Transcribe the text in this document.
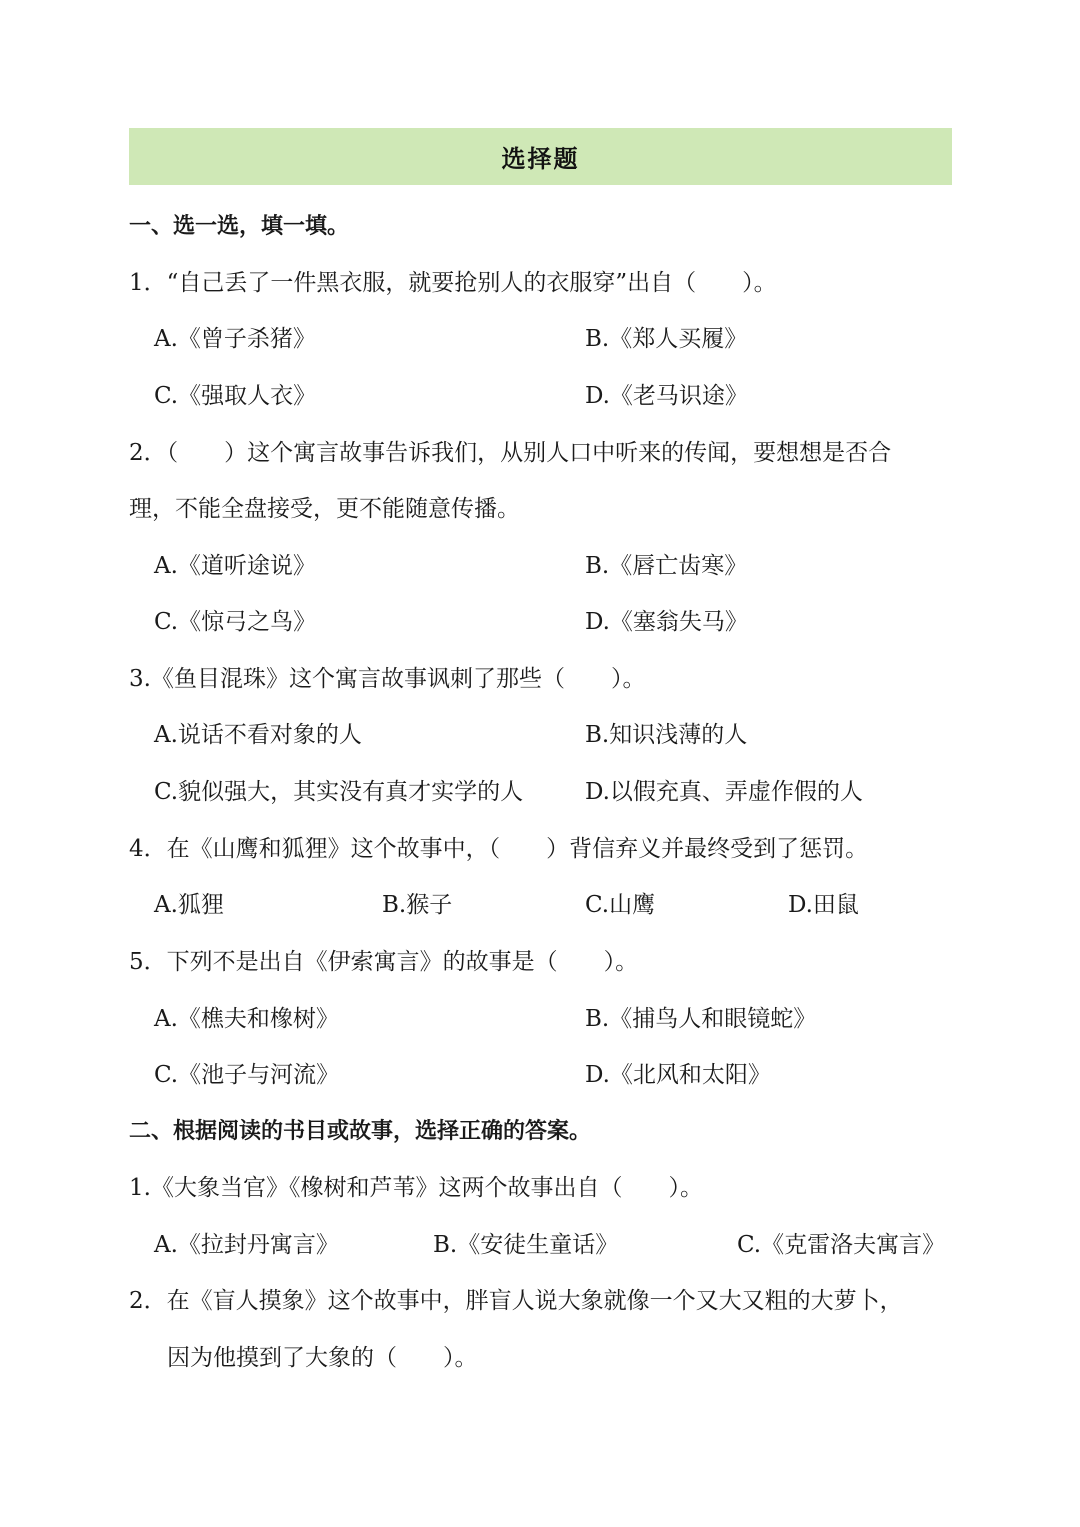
选择题
一、选一选，填一填。
1．“自己丢了一件黑衣服，就要抢别人的衣服穿”出自（　　）。
A.《曾子杀猪》	B.《郑人买履》
C.《强取人衣》	D.《老马识途》
2．（　　）这个寓言故事告诉我们，从别人口中听来的传闻，要想想是否合
理，不能全盘接受，更不能随意传播。
A.《道听途说》	B.《唇亡齿寒》
C.《惊弓之鸟》	D.《塞翁失马》
3.《鱼目混珠》这个寓言故事讽刺了那些（　　）。
A.说话不看对象的人	B.知识浅薄的人
C.貌似强大，其实没有真才实学的人	D.以假充真、弄虚作假的人
4．在《山鹰和狐狸》这个故事中，（　　）背信弃义并最终受到了惩罚。
A.狐狸	B.猴子	C.山鹰	D.田鼠
5．下列不是出自《伊索寓言》的故事是（　　）。
A.《樵夫和橡树》	B.《捕鸟人和眼镜蛇》
C.《池子与河流》	D.《北风和太阳》
二、根据阅读的书目或故事，选择正确的答案。
1.《大象当官》《橡树和芦苇》这两个故事出自（　　）。
A.《拉封丹寓言》	B.《安徒生童话》	C.《克雷洛夫寓言》
2．在《盲人摸象》这个故事中，胖盲人说大象就像一个又大又粗的大萝卜，
因为他摸到了大象的（　　）。
